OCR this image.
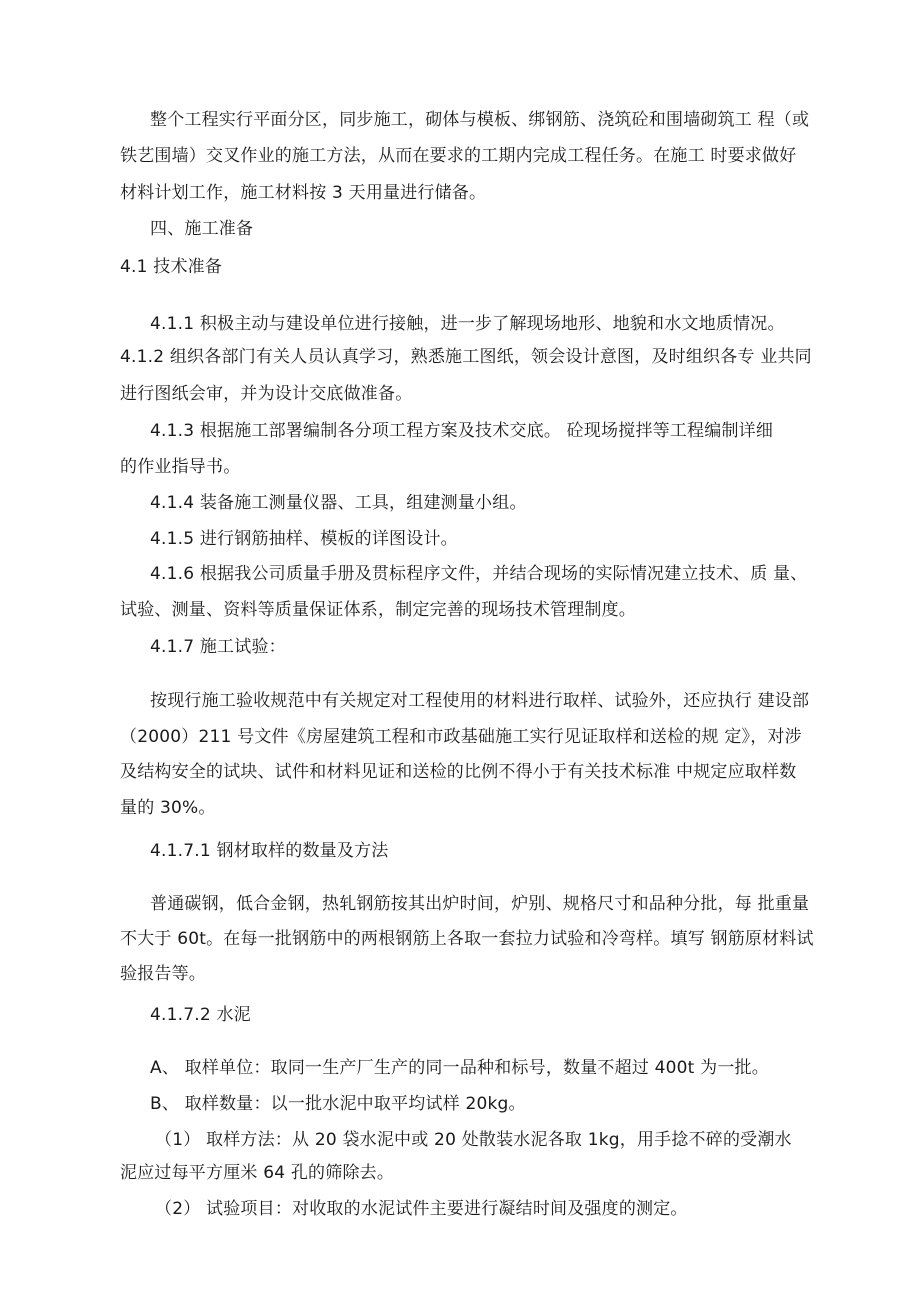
整个工程实行平面分区，同步施工，砌体与模板、绑钢筋、浇筑砼和围墙砌筑工 程（或
铁艺围墙）交叉作业的施工方法，从而在要求的工期内完成工程任务。在施工 时要求做好
材料计划工作，施工材料按 3 天用量进行储备。
四、施工准备
4.1 技术准备
4.1.1 积极主动与建设单位进行接触，进一步了解现场地形、地貌和水文地质情况。
4.1.2 组织各部门有关人员认真学习，熟悉施工图纸，领会设计意图，及时组织各专 业共同
进行图纸会审，并为设计交底做准备。
4.1.3 根据施工部署编制各分项工程方案及技术交底。 砼现场搅拌等工程编制详细
的作业指导书。
4.1.4 装备施工测量仪器、工具，组建测量小组。
4.1.5 进行钢筋抽样、模板的详图设计。
4.1.6 根据我公司质量手册及贯标程序文件，并结合现场的实际情况建立技术、质 量、
试验、测量、资料等质量保证体系，制定完善的现场技术管理制度。
4.1.7 施工试验：
按现行施工验收规范中有关规定对工程使用的材料进行取样、试验外，还应执行 建设部
（2000）211 号文件《房屋建筑工程和市政基础施工实行见证取样和送检的规 定》，对涉
及结构安全的试块、试件和材料见证和送检的比例不得小于有关技术标准 中规定应取样数
量的 30%。
4.1.7.1 钢材取样的数量及方法
普通碳钢，低合金钢，热轧钢筋按其出炉时间，炉别、规格尺寸和品种分批，每 批重量
不大于 60t。在每一批钢筋中的两根钢筋上各取一套拉力试验和冷弯样。填写 钢筋原材料试
验报告等。
4.1.7.2 水泥
A、 取样单位：取同一生产厂生产的同一品种和标号，数量不超过 400t 为一批。
B、 取样数量：以一批水泥中取平均试样 20kg。
（1） 取样方法：从 20 袋水泥中或 20 处散装水泥各取 1kg，用手捻不碎的受潮水
泥应过每平方厘米 64 孔的筛除去。
（2） 试验项目：对收取的水泥试件主要进行凝结时间及强度的测定。
